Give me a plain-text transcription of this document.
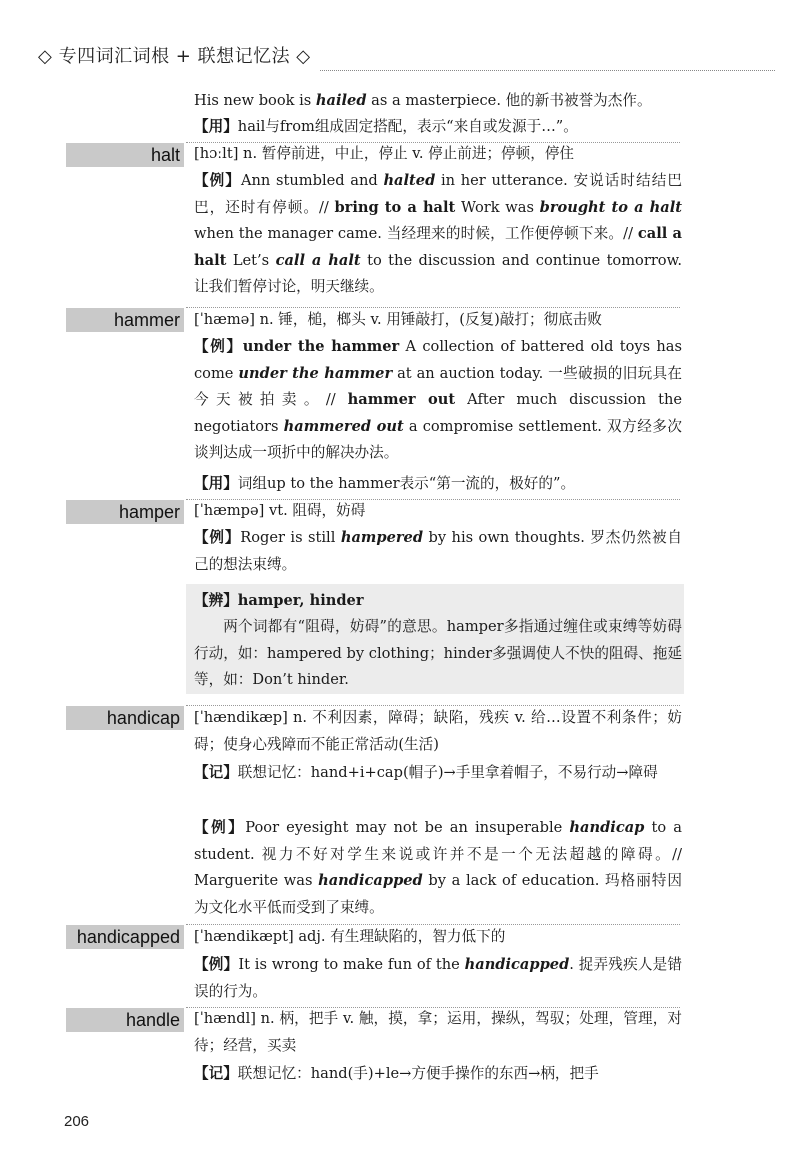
◇ 专四词汇词根 + 联想记忆法 ◇
His new book is hailed as a masterpiece. 他的新书被誉为杰作。
【用】hail与from组成固定搭配，表示“来自或发源于…”。
halt [hɔːlt] n. 暂停前进，中止，停止 v. 停止前进；停顿，停住
【例】Ann stumbled and halted in her utterance. 安说话时结结巴巴，还时有停顿。// bring to a halt Work was brought to a halt when the manager came. 当经理来的时候，工作便停顿下来。// call a halt Let’s call a halt to the discussion and continue tomorrow. 让我们暂停讨论，明天继续。
hammer [ˈhæmə] n. 锤，槌，榔头 v. 用锤敲打，(反复)敲打；彻底击败
【例】under the hammer A collection of battered old toys has come under the hammer at an auction today. 一些破损的旧玩具在今天被拍卖。// hammer out After much discussion the negotiators hammered out a compromise settlement. 双方经多次谈判达成一项折中的解决办法。
【用】词组up to the hammer表示“第一流的，极好的”。
hamper [ˈhæmpə] vt. 阻碍，妨碍
【例】Roger is still hampered by his own thoughts. 罗杰仍然被自己的想法束缚。
【辨】hamper, hinder
两个词都有“阻碍，妨碍”的意思。hamper多指通过缠住或束缚等妨碍行动，如：hampered by clothing；hinder多强调使人不快的阻碍、拖延等，如：Don’t hinder.
handicap [ˈhændikæp] n. 不利因素，障碍；缺陷，残疾 v. 给…设置不利条件；妨碍；使身心残障而不能正常活动(生活)
【记】联想记忆：hand+i+cap(帽子)→手里拿着帽子，不易行动→障碍
【例】Poor eyesight may not be an insuperable handicap to a student. 视力不好对学生来说或许并不是一个无法超越的障碍。// Marguerite was handicapped by a lack of education. 玛格丽特因为文化水平低而受到了束缚。
handicapped [ˈhændikæpt] adj. 有生理缺陷的，智力低下的
【例】It is wrong to make fun of the handicapped. 捉弄残疾人是错误的行为。
handle [ˈhændl] n. 柄，把手 v. 触，摸，拿；运用，操纵，驾驭；处理，管理，对待；经营，买卖
【记】联想记忆：hand(手)+le→方便手操作的东西→柄，把手
206
